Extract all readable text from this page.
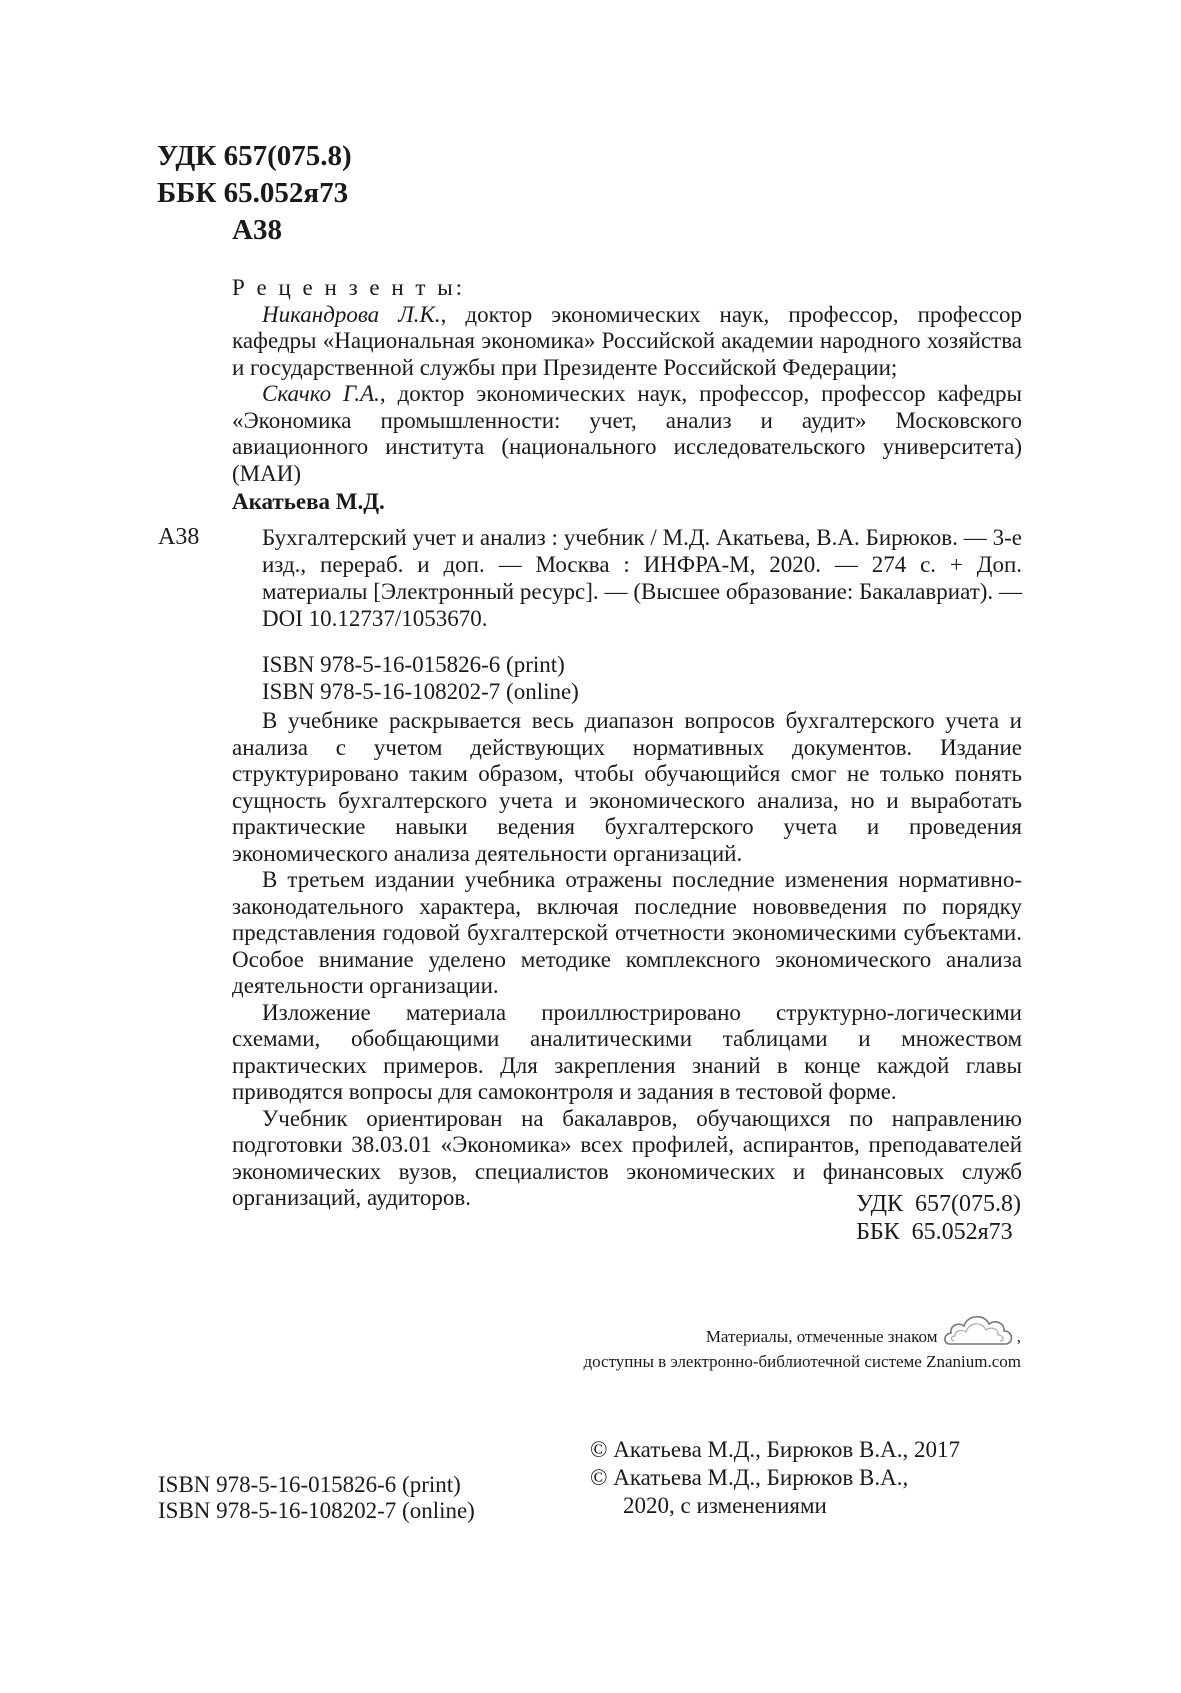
УДК 657(075.8)
ББК 65.052я73
А38
Р е ц е н з е н т ы:

Никандрова Л.К., доктор экономических наук, профессор, профессор кафедры «Национальная экономика» Российской академии народного хозяйства и государственной службы при Президенте Российской Федерации;

Скачко Г.А., доктор экономических наук, профессор, профессор кафедры «Экономика промышленности: учет, анализ и аудит» Московского авиационного института (национального исследовательского университета) (МАИ)

Акатьева М.Д.
А38	Бухгалтерский учет и анализ : учебник / М.Д. Акатьева, В.А. Бирюков. — 3-е изд., перераб. и доп. — Москва : ИНФРА-М, 2020. — 274 с. + Доп. материалы [Электронный ресурс]. — (Высшее образование: Бакалавриат). — DOI 10.12737/1053670.
ISBN 978-5-16-015826-6 (print)
ISBN 978-5-16-108202-7 (online)

В учебнике раскрывается весь диапазон вопросов бухгалтерского учета и анализа с учетом действующих нормативных документов. Издание структурировано таким образом, чтобы обучающийся смог не только понять сущность бухгалтерского учета и экономического анализа, но и выработать практические навыки ведения бухгалтерского учета и проведения экономического анализа деятельности организаций.

В третьем издании учебника отражены последние изменения нормативно-законодательного характера, включая последние нововведения по порядку представления годовой бухгалтерской отчетности экономическими субъектами. Особое внимание уделено методике комплексного экономического анализа деятельности организации.

Изложение материала проиллюстрировано структурно-логическими схемами, обобщающими аналитическими таблицами и множеством практических примеров. Для закрепления знаний в конце каждой главы приводятся вопросы для самоконтроля и задания в тестовой форме.

Учебник ориентирован на бакалавров, обучающихся по направлению подготовки 38.03.01 «Экономика» всех профилей, аспирантов, преподавателей экономических вузов, специалистов экономических и финансовых служб организаций, аудиторов.	УДК  657(075.8)
ББК  65.052я73
Материалы, отмеченные знаком	,
доступны в электронно-библиотечной системе Znanium.com
ISBN 978-5-16-015826-6 (print)
ISBN 978-5-16-108202-7 (online)
© Акатьева М.Д., Бирюков В.А., 2017
© Акатьева М.Д., Бирюков В.А.,
2020, с изменениями
